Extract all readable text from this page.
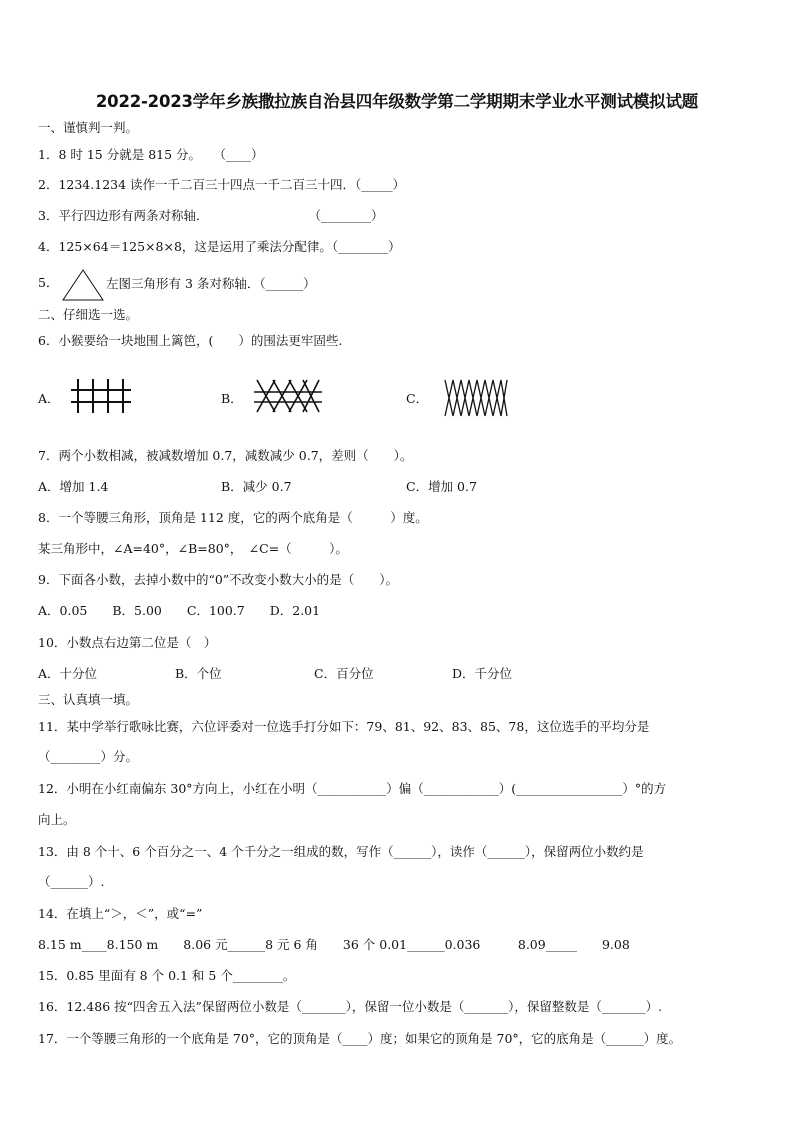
2022-2023学年乡族撒拉族自治县四年级数学第二学期期末学业水平测试模拟试题
一、谨慎判一判。
1．8 时 15 分就是 815 分。　　（____）
2．1234.1234 读作一千二百三十四点一千二百三十四．（_____）
3．平行四边形有两条对称轴．　　　　　　　　　（________）
4．125×64＝125×8×8，这是运用了乘法分配律。（________）
5．	左图三角形有 3 条对称轴．（______）
二、仔细选一选。
6．小猴要给一块地围上篱笆，(　　）的围法更牢固些.
A．	B．	C．
7．两个小数相减，被减数增加 0.7，减数减少 0.7，差则（　　）。
A．增加 1.4	B．减少 0.7	C．增加 0.7
8．一个等腰三角形，顶角是 112 度，它的两个底角是（　　　）度。
某三角形中，∠A=40°，∠B=80°，　∠C=（　　　）。
9．下面各小数，去掉小数中的“0”不改变小数大小的是（　　）。
A．0.05　　B．5.00　　C．100.7　　D．2.01
10．小数点右边第二位是（　）
A．十分位	B．个位	C．百分位	D．千分位
三、认真填一填。
11．某中学举行歌咏比赛，六位评委对一位选手打分如下：79、81、92、83、85、78，这位选手的平均分是
（________）分。
12．小明在小红南偏东 30°方向上，小红在小明（___________）偏（____________）(_________________）°的方
向上。
13．由 8 个十、6 个百分之一、4 个千分之一组成的数，写作（______），读作（______），保留两位小数约是
（______）.
14．在填上“＞，＜”，或“=”
8.15 m____8.150 m　　8.06 元______8 元 6 角　　36 个 0.01______0.036　　　8.09_____　　9.08
15．0.85 里面有 8 个 0.1 和 5 个________。
16．12.486 按“四舍五入法”保留两位小数是（_______），保留一位小数是（_______），保留整数是（_______）.
17．一个等腰三角形的一个底角是 70°，它的顶角是（____）度；如果它的顶角是 70°，它的底角是（______）度。
